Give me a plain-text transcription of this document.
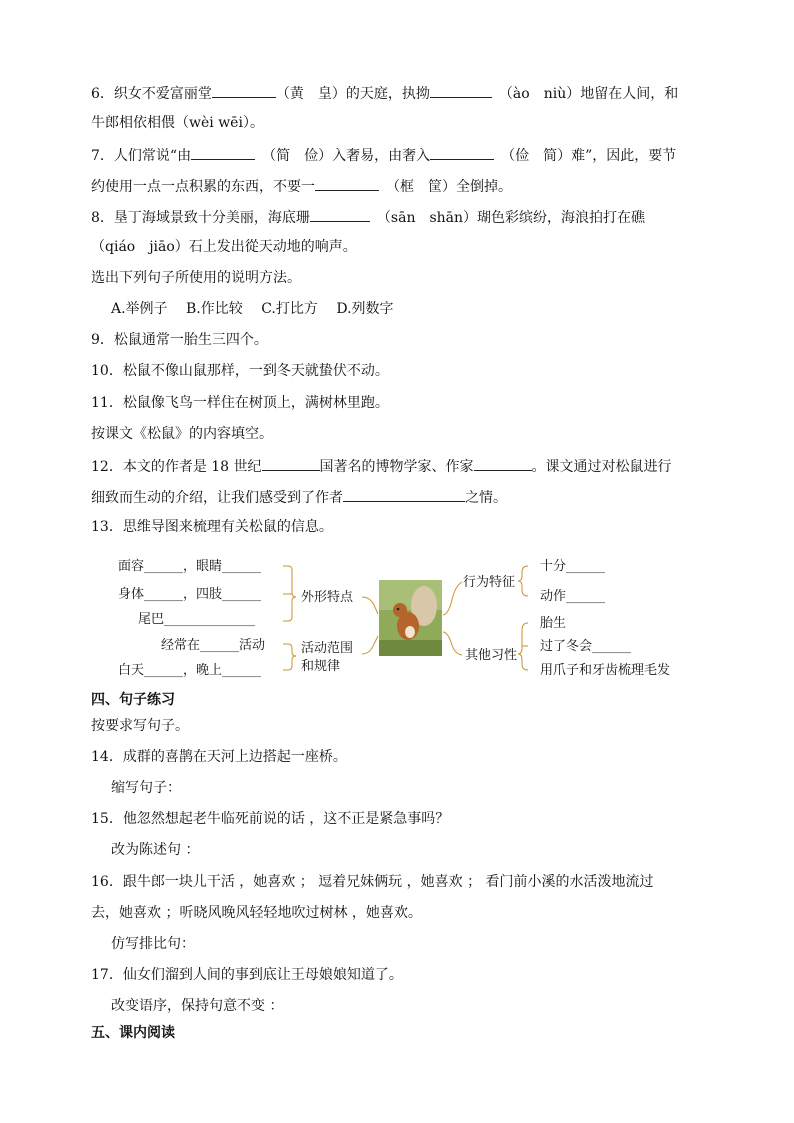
6．织女不爱富丽堂	（黄　皇）的天庭，执拗　	（ào　niù）地留在人间，和
牛郎相依相偎（wèi wēi）。
7．人们常说“由　	（简　俭）入奢易，由奢入　	（俭　简）难”，因此，要节
约使用一点一点积累的东西，不要一　	（框　筐）全倒掉。
8．垦丁海域景致十分美丽，海底珊　	（sān　shān）瑚色彩缤纷，海浪拍打在礁
（qiáo　jiāo）石上发出從天动地的响声。
选出下列句子所使用的说明方法。
A.举例子 B.作比较 C.打比方 D.列数字
9．松鼠通常一胎生三四个。
10．松鼠不像山鼠那样，一到冬天就蛰伏不动。
11．松鼠像飞鸟一样住在树顶上，满树林里跑。
按课文《松鼠》的内容填空。
12．本文的作者是 18 世纪	国著名的博物学家、作家	。课文通过对松鼠进行
细致而生动的介绍，让我们感受到了作者	之情。
13．思维导图来梳理有关松鼠的信息。
面容______，眼睛______
身体______，四肢______
尾巴______________
经常在______活动
白天______，晚上______
外形特点
活动范围
和规律
行为特征
十分______
动作______
其他习性
胎生
过了冬会______
用爪子和牙齿梳理毛发
四、句子练习
按要求写句子。
14．成群的喜鹊在天河上边搭起一座桥。
缩写句子：
15．他忽然想起老牛临死前说的话 ，这不正是紧急事吗？
改为陈述句 ：
16．跟牛郎一块儿干活 ，她喜欢 ； 逗着兄妹俩玩 ，她喜欢 ； 看门前小溪的水活泼地流过
去，她喜欢 ；听晓风晚风轻轻地吹过树林 ，她喜欢。
仿写排比句：
17．仙女们溜到人间的事到底让王母娘娘知道了。
改变语序，保持句意不变 ：
五、课内阅读
